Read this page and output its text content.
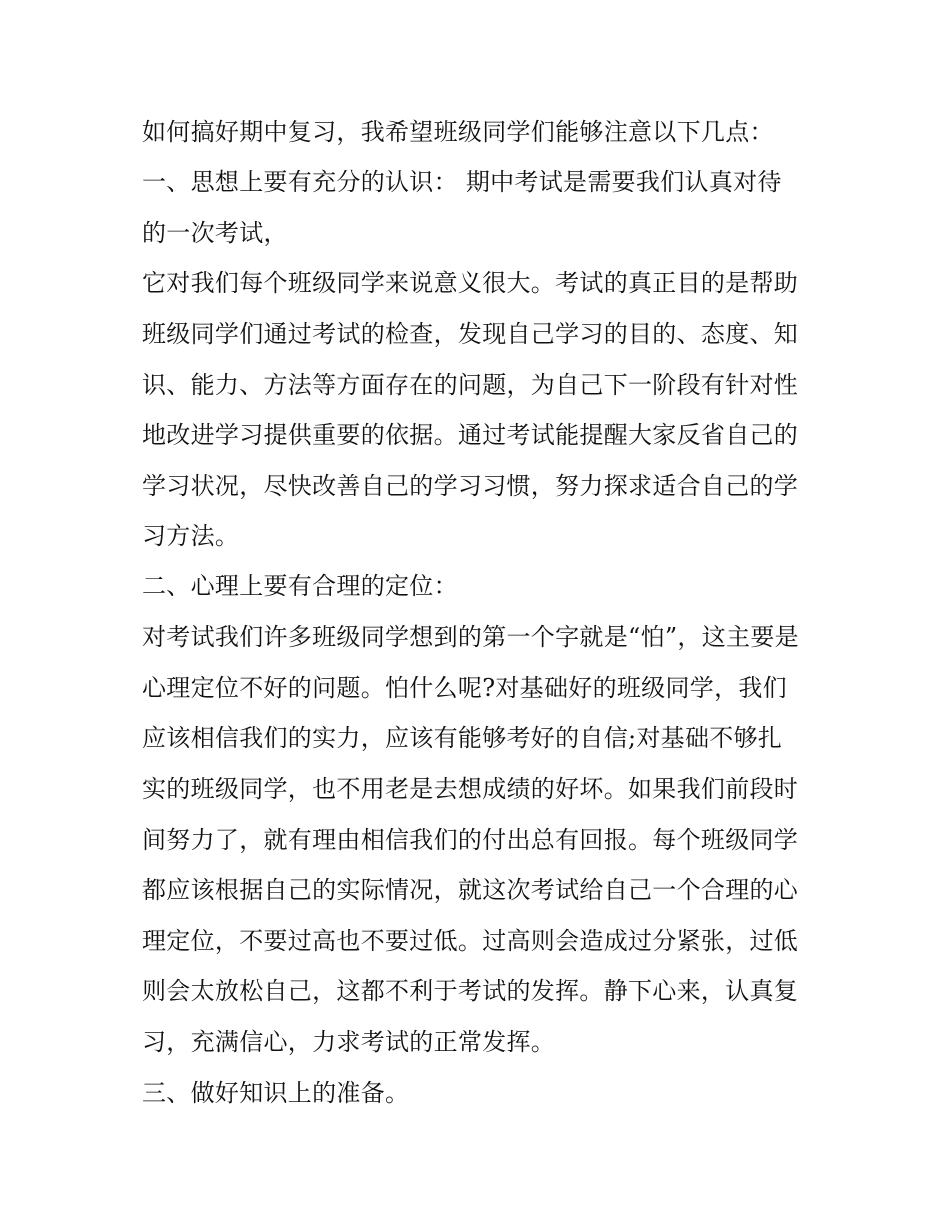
如何搞好期中复习，我希望班级同学们能够注意以下几点：

一、思想上要有充分的认识： 期中考试是需要我们认真对待

的一次考试，

它对我们每个班级同学来说意义很大。考试的真正目的是帮助

班级同学们通过考试的检查，发现自己学习的目的、态度、知

识、能力、方法等方面存在的问题，为自己下一阶段有针对性

地改进学习提供重要的依据。通过考试能提醒大家反省自己的

学习状况，尽快改善自己的学习习惯，努力探求适合自己的学

习方法。

二、心理上要有合理的定位：

对考试我们许多班级同学想到的第一个字就是“怕”，这主要是

心理定位不好的问题。怕什么呢?对基础好的班级同学，我们

应该相信我们的实力，应该有能够考好的自信;对基础不够扎

实的班级同学，也不用老是去想成绩的好坏。如果我们前段时

间努力了，就有理由相信我们的付出总有回报。每个班级同学

都应该根据自己的实际情况，就这次考试给自己一个合理的心

理定位，不要过高也不要过低。过高则会造成过分紧张，过低

则会太放松自己，这都不利于考试的发挥。静下心来，认真复

习，充满信心，力求考试的正常发挥。

三、做好知识上的准备。
